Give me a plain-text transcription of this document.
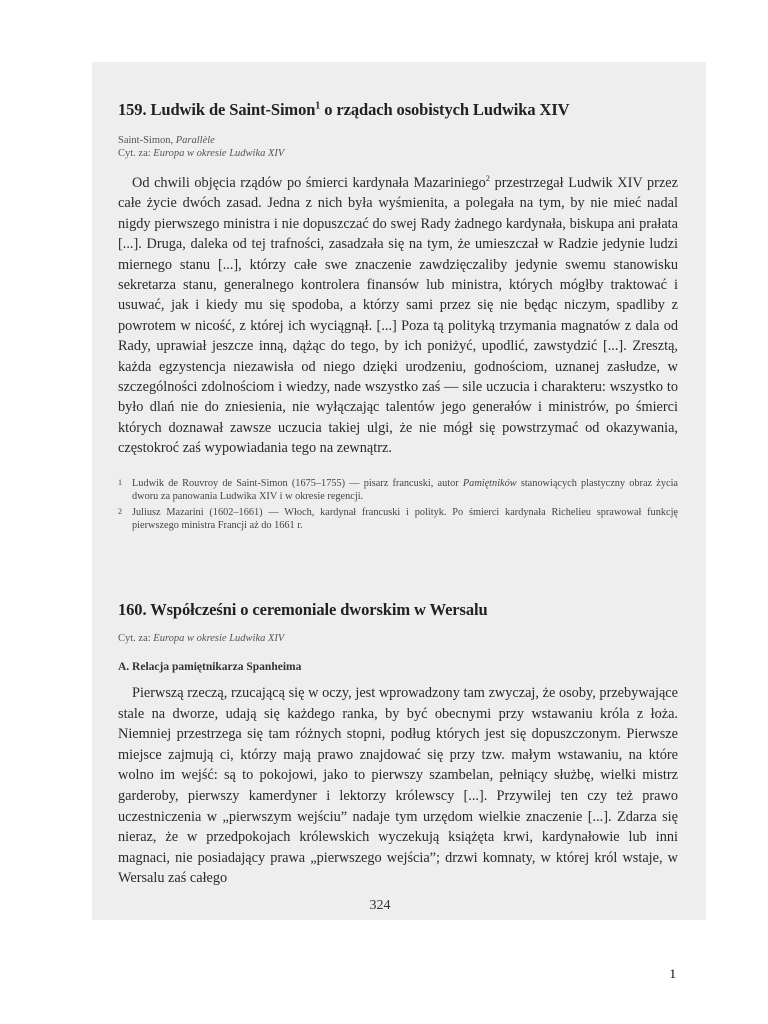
159. Ludwik de Saint-Simon$^1$ o rządach osobistych Ludwika XIV
Saint-Simon, Parallèle
Cyt. za: Europa w okresie Ludwika XIV

Od chwili objęcia rządów po śmierci kardynała Mazariniego$^2$ przestrzegał Ludwik XIV przez całe życie dwóch zasad. Jedna z nich była wyśmienita, a polegała na tym, by nie mieć nadal nigdy pierwszego ministra i nie dopuszczać do swej Rady żadnego kardynała, biskupa ani prałata [...]. Druga, daleka od tej trafności, zasadzała się na tym, że umieszczał w Radzie jedynie ludzi miernego stanu [...], którzy całe swe znaczenie zawdzięczaliby jedynie swemu stanowisku sekretarza stanu, generalnego kontrolera finansów lub ministra, których mógłby traktować i usuwać, jak i kiedy mu się spodoba, a którzy sami przez się nie będąc niczym, spadliby z powrotem w nicość, z której ich wyciągnął. [...] Poza tą polityką trzymania magnatów z dala od Rady, uprawiał jeszcze inną, dążąc do tego, by ich poniżyć, upodlić, zawstydzić [...]. Zresztą, każda egzystencja niezawisła od niego dzięki urodzeniu, godnościom, uznanej zasłudze, w szczególności zdolnościom i wiedzy, nade wszystko zaś — sile uczucia i charakteru: wszystko to było dlań nie do zniesienia, nie wyłączając talentów jego generałów i ministrów, po śmierci których doznawał zawsze uczucia takiej ulgi, że nie mógł się powstrzymać od okazywania, częstokroć zaś wypowiadania tego na zewnątrz.

1 Ludwik de Rouvroy de Saint-Simon (1675–1755) — pisarz francuski, autor Pamiętników stanowiących plastyczny obraz życia dworu za panowania Ludwika XIV i w okresie regencji.
2 Juliusz Mazarini (1602–1661) — Włoch, kardynał francuski i polityk. Po śmierci kardynała Richelieu sprawował funkcję pierwszego ministra Francji aż do 1661 r.
160. Współcześni o ceremoniale dworskim w Wersalu
Cyt. za: Europa w okresie Ludwika XIV
A. Relacja pamiętnikarza Spanheima

Pierwszą rzeczą, rzucającą się w oczy, jest wprowadzony tam zwyczaj, że osoby, przebywające stale na dworze, udają się każdego ranka, by być obecnymi przy wstawaniu króla z łoża. Niemniej przestrzega się tam różnych stopni, podług których jest się dopuszczonym. Pierwsze miejsce zajmują ci, którzy mają prawo znajdować się przy tzw. małym wstawaniu, na które wolno im wejść: są to pokojowi, jako to pierwszy szambelan, pełniący służbę, wielki mistrz garderoby, pierwszy kamerdyner i lektorzy królewscy [...]. Przywilej ten czy też prawo uczestniczenia w „pierwszym wejściu” nadaje tym urzędom wielkie znaczenie [...]. Zdarza się nieraz, że w przedpokojach królewskich wyczekują książęta krwi, kardynałowie lub inni magnaci, nie posiadający prawa „pierwszego wejścia”; drzwi komnaty, w której król wstaje, w Wersalu zaś całego

324
1
